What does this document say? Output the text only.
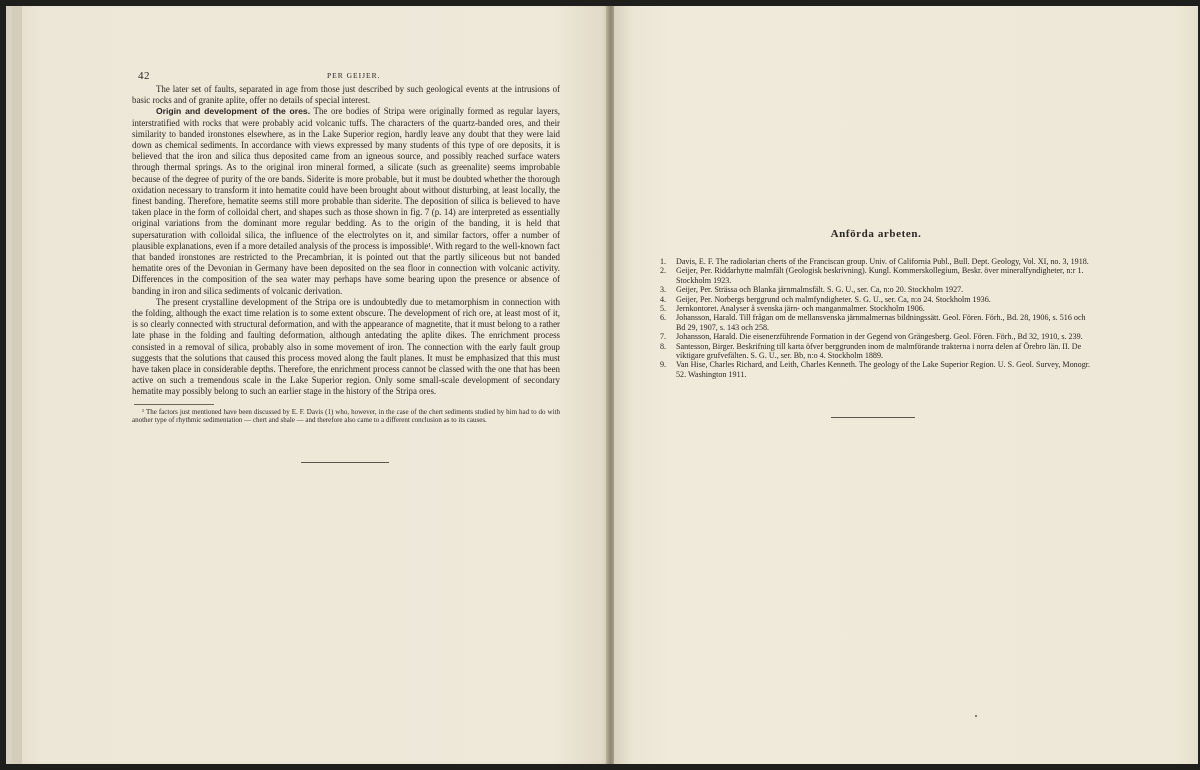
42	PER GEIJER.

The later set of faults, separated in age from those just described by such geological events at the intrusions of basic rocks and of granite aplite, offer no details of special interest.

Origin and development of the ores. The ore bodies of Stripa were originally formed as regular layers, interstratified with rocks that were probably acid volcanic tuffs. The characters of the quartz-banded ores, and their similarity to banded ironstones elsewhere, as in the Lake Superior region, hardly leave any doubt that they were laid down as chemical sediments. In accordance with views expressed by many students of this type of ore deposits, it is believed that the iron and silica thus deposited came from an igneous source, and possibly reached surface waters through thermal springs. As to the original iron mineral formed, a silicate (such as greenalite) seems improbable because of the degree of purity of the ore bands. Siderite is more probable, but it must be doubted whether the thorough oxidation necessary to transform it into hematite could have been brought about without disturbing, at least locally, the finest banding. Therefore, hematite seems still more probable than siderite. The deposition of silica is believed to have taken place in the form of colloidal chert, and shapes such as those shown in fig. 7 (p. 14) are interpreted as essentially original variations from the dominant more regular bedding. As to the origin of the banding, it is held that supersaturation with colloidal silica, the influence of the electrolytes on it, and similar factors, offer a number of plausible explanations, even if a more detailed analysis of the process is impossible¹. With regard to the well-known fact that banded ironstones are restricted to the Precambrian, it is pointed out that the partly siliceous but not banded hematite ores of the Devonian in Germany have been deposited on the sea floor in connection with volcanic activity. Differences in the composition of the sea water may perhaps have some bearing upon the presence or absence of banding in iron and silica sediments of volcanic derivation.

The present crystalline development of the Stripa ore is undoubtedly due to metamorphism in connection with the folding, although the exact time relation is to some extent obscure. The development of rich ore, at least most of it, is so clearly connected with structural deformation, and with the appearance of magnetite, that it must belong to a rather late phase in the folding and faulting deformation, although antedating the aplite dikes. The enrichment process consisted in a removal of silica, probably also in some movement of iron. The connection with the early fault group suggests that the solutions that caused this process moved along the fault planes. It must be emphasized that this must have taken place in considerable depths. Therefore, the enrichment process cannot be classed with the one that has been active on such a tremendous scale in the Lake Superior region. Only some small-scale development of secondary hematite may possibly belong to such an earlier stage in the history of the Stripa ores.

¹ The factors just mentioned have been discussed by E. F. Davis (1) who, however, in the case of the chert sediments studied by him had to do with another type of rhythmic sedimentation — chert and shale — and therefore also came to a different conclusion as to its causes.

Anförda arbeten.
1. Davis, E. F. The radiolarian cherts of the Franciscan group. Univ. of California Publ., Bull. Dept. Geology, Vol. XI, no. 3, 1918.
2. Geijer, Per. Riddarhytte malmfält (Geologisk beskrivning). Kungl. Kommerskollegium, Beskr. över mineralfyndigheter, n:r 1. Stockholm 1923.
3. Geijer, Per. Strässa och Blanka järnmalmsfält. S. G. U., ser. Ca, n:o 20. Stockholm 1927.
4. Geijer, Per. Norbergs berggrund och malmfyndigheter. S. G. U., ser. Ca, n:o 24. Stockholm 1936.
5. Jernkontoret. Analyser å svenska järn- och manganmalmer. Stockholm 1906.
6. Johansson, Harald. Till frågan om de mellansvenska järnmalmernas bildningssätt. Geol. Fören. Förh., Bd. 28, 1906, s. 516 och Bd 29, 1907, s. 143 och 258.
7. Johansson, Harald. Die eisenerzführende Formation in der Gegend von Grängesberg. Geol. Fören. Förh., Bd 32, 1910, s. 239.
8. Santesson, Birger. Beskrifning till karta öfver berggrunden inom de malmförande trakterna i norra delen af Örebro län. II. De viktigare grufvefälten. S. G. U., ser. Bb, n:o 4. Stockholm 1889.
9. Van Hise, Charles Richard, and Leith, Charles Kenneth. The geology of the Lake Superior Region. U. S. Geol. Survey, Monogr. 52. Washington 1911.
